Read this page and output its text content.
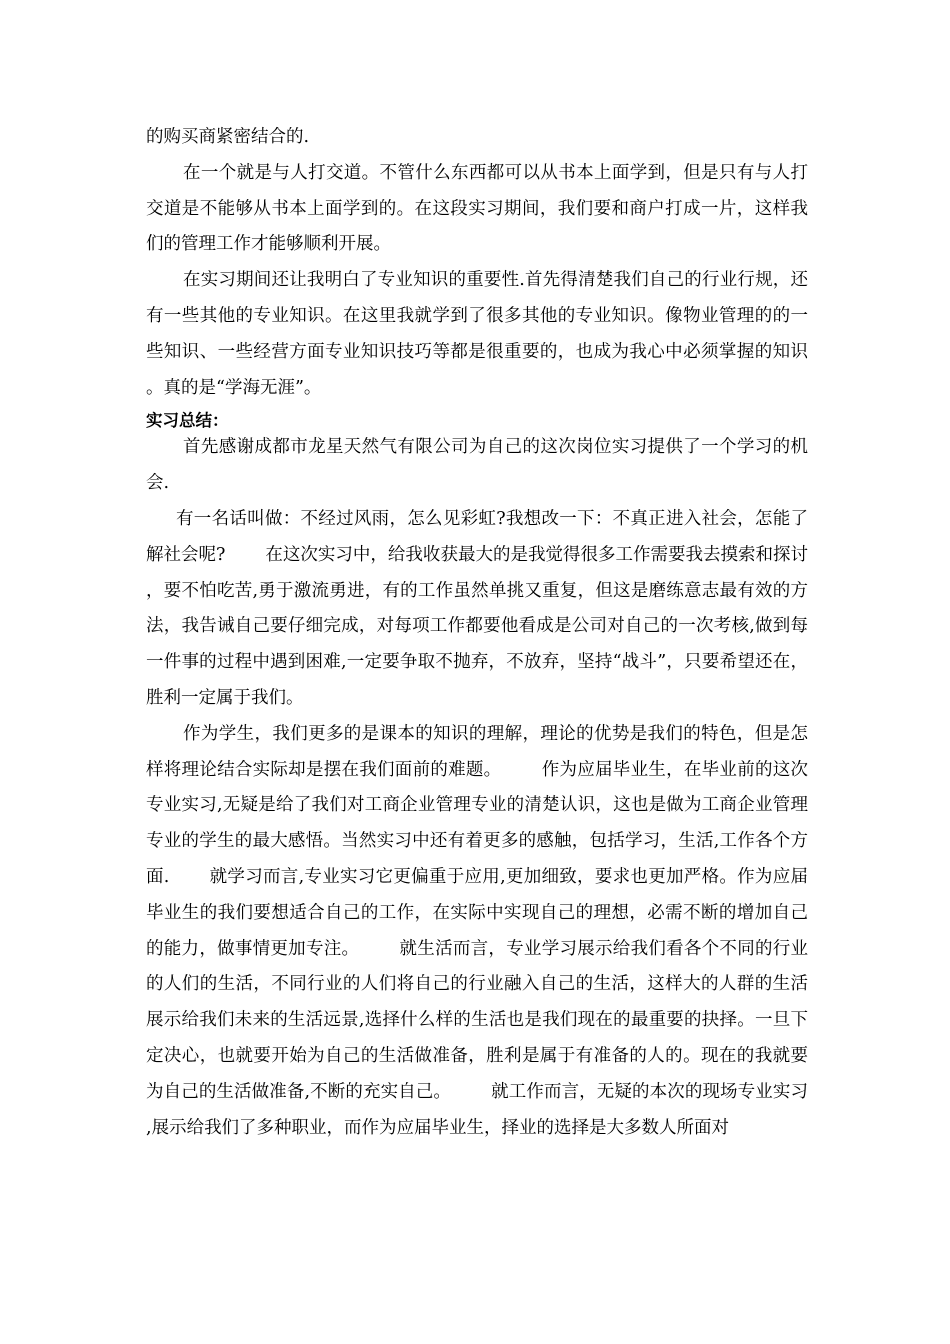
的购买商紧密结合的.

在一个就是与人打交道。不管什么东西都可以从书本上面学到，但是只有与人打交道是不能够从书本上面学到的。在这段实习期间，我们要和商户打成一片，这样我们的管理工作才能够顺利开展。

在实习期间还让我明白了专业知识的重要性.首先得清楚我们自己的行业行规，还有一些其他的专业知识。在这里我就学到了很多其他的专业知识。像物业管理的的一些知识、一些经营方面专业知识技巧等都是很重要的，也成为我心中必须掌握的知识。真的是“学海无涯”。

实习总结：

首先感谢成都市龙星天然气有限公司为自己的这次岗位实习提供了一个学习的机会.

有一名话叫做：不经过风雨，怎么见彩虹?我想改一下：不真正进入社会，怎能了解社会呢? 在这次实习中，给我收获最大的是我觉得很多工作需要我去摸索和探讨，要不怕吃苦,勇于激流勇进，有的工作虽然单挑又重复，但这是磨练意志最有效的方法，我告诫自己要仔细完成，对每项工作都要他看成是公司对自己的一次考核,做到每一件事的过程中遇到困难,一定要争取不抛弃，不放弃，坚持“战斗”，只要希望还在，胜利一定属于我们。

作为学生，我们更多的是课本的知识的理解，理论的优势是我们的特色，但是怎样将理论结合实际却是摆在我们面前的难题。 作为应届毕业生，在毕业前的这次专业实习,无疑是给了我们对工商企业管理专业的清楚认识，这也是做为工商企业管理专业的学生的最大感悟。当然实习中还有着更多的感触，包括学习，生活,工作各个方面. 就学习而言,专业实习它更偏重于应用,更加细致，要求也更加严格。作为应届毕业生的我们要想适合自己的工作，在实际中实现自己的理想，必需不断的增加自己的能力，做事情更加专注。 就生活而言，专业学习展示给我们看各个不同的行业的人们的生活，不同行业的人们将自己的行业融入自己的生活，这样大的人群的生活展示给我们未来的生活远景,选择什么样的生活也是我们现在的最重要的抉择。一旦下定决心，也就要开始为自己的生活做准备，胜利是属于有准备的人的。现在的我就要为自己的生活做准备,不断的充实自己。 就工作而言，无疑的本次的现场专业实习,展示给我们了多种职业，而作为应届毕业生，择业的选择是大多数人所面对
